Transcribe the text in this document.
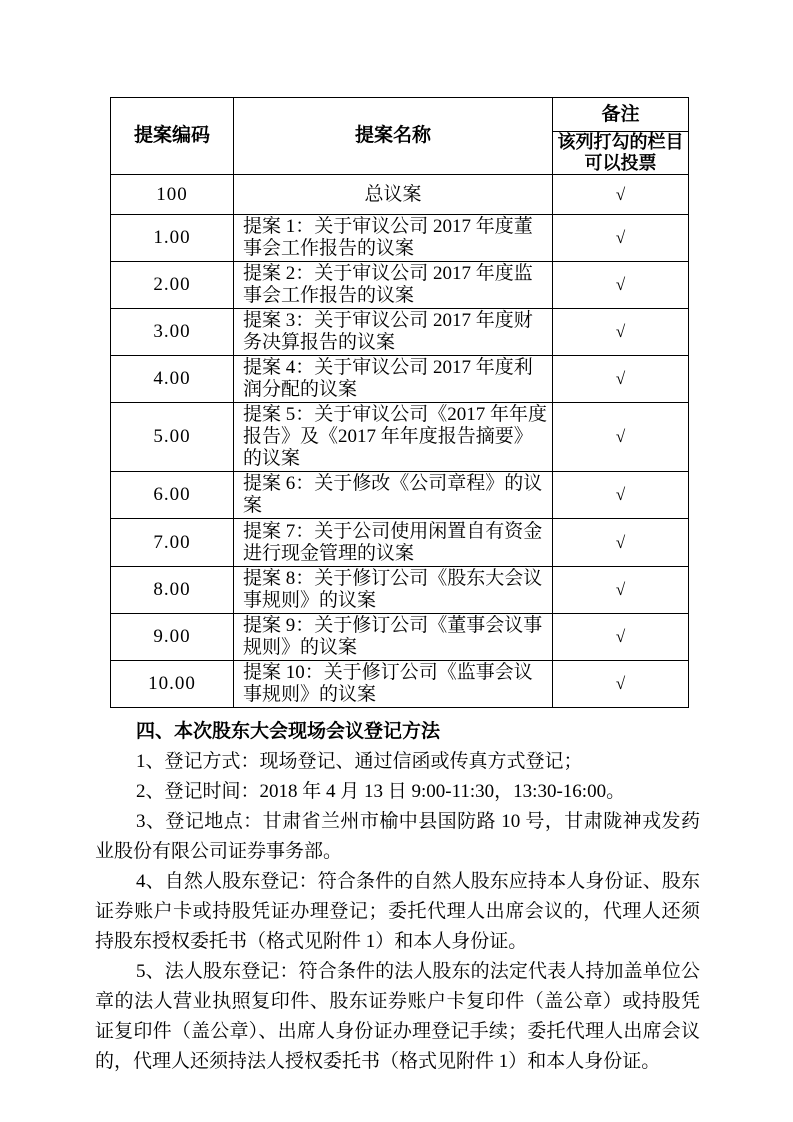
提案编码	提案名称	备注
		该列打勾的栏目可以投票
100	总议案	√
1.00	提案 1：关于审议公司 2017 年度董事会工作报告的议案	√
2.00	提案 2：关于审议公司 2017 年度监事会工作报告的议案	√
3.00	提案 3：关于审议公司 2017 年度财务决算报告的议案	√
4.00	提案 4：关于审议公司 2017 年度利润分配的议案	√
5.00	提案 5：关于审议公司《2017 年年度报告》及《2017 年年度报告摘要》的议案	√
6.00	提案 6：关于修改《公司章程》的议案	√
7.00	提案 7：关于公司使用闲置自有资金进行现金管理的议案	√
8.00	提案 8：关于修订公司《股东大会议事规则》的议案	√
9.00	提案 9：关于修订公司《董事会议事规则》的议案	√
10.00	提案 10：关于修订公司《监事会议事规则》的议案	√
四、本次股东大会现场会议登记方法

1、登记方式：现场登记、通过信函或传真方式登记；

2、登记时间：2018 年 4 月 13 日 9:00-11:30，13:30-16:00。

3、登记地点：甘肃省兰州市榆中县国防路 10 号，甘肃陇神戎发药业股份有限公司证券事务部。

4、自然人股东登记：符合条件的自然人股东应持本人身份证、股东证券账户卡或持股凭证办理登记；委托代理人出席会议的，代理人还须持股东授权委托书（格式见附件 1）和本人身份证。

5、法人股东登记：符合条件的法人股东的法定代表人持加盖单位公章的法人营业执照复印件、股东证券账户卡复印件（盖公章）或持股凭证复印件（盖公章）、出席人身份证办理登记手续；委托代理人出席会议的，代理人还须持法人授权委托书（格式见附件 1）和本人身份证。
